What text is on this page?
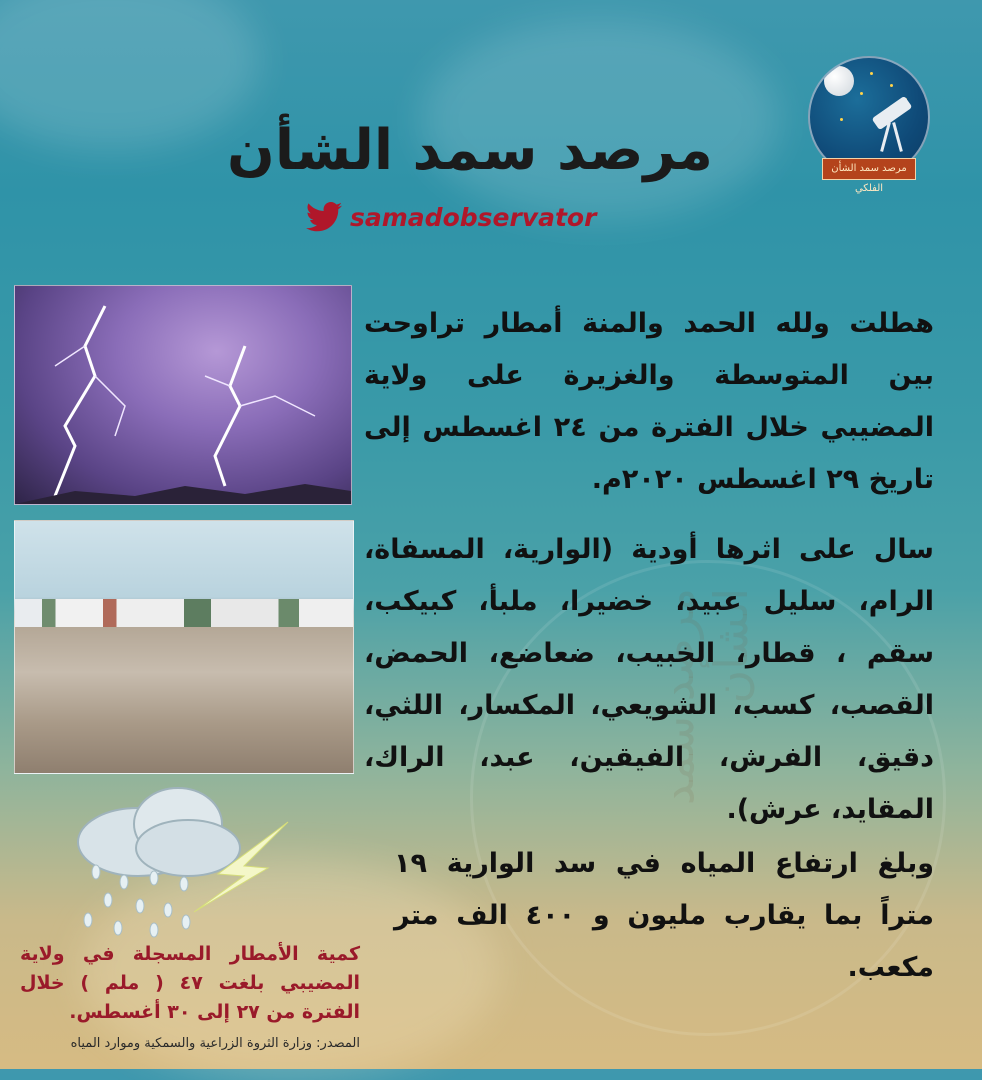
مرصد سمد الشأن
مرصد سمد الشأن الفلكي
مرصد سمد الشأن
samadobservator
هطلت ولله الحمد والمنة أمطار تراوحت بين المتوسطة والغزيرة على ولاية المضيبي خلال الفترة من ٢٤ اغسطس إلى تاريخ ٢٩ اغسطس ٢٠٢٠م.
سال على اثرها أودية (الوارية، المسفاة، الرام، سليل عبيد، خضيرا، ملبأ، كبيكب، سقم ، قطار، الخبيب، ضعاضع، الحمض، القصب، كسب، الشويعي، المكسار، اللثي، دقيق، الفرش، الفيقين، عبد، الراك، المقايد، عرش).
وبلغ ارتفاع المياه في سد الوارية ١٩ متراً بما يقارب مليون و ٤٠٠ الف متر مكعب.
كمية الأمطار المسجلة في ولاية المضيبي بلغت ٤٧ ( ملم ) خلال الفترة من ٢٧ إلى ٣٠ أغسطس.
المصدر: وزارة الثروة الزراعية والسمكية وموارد المياه
